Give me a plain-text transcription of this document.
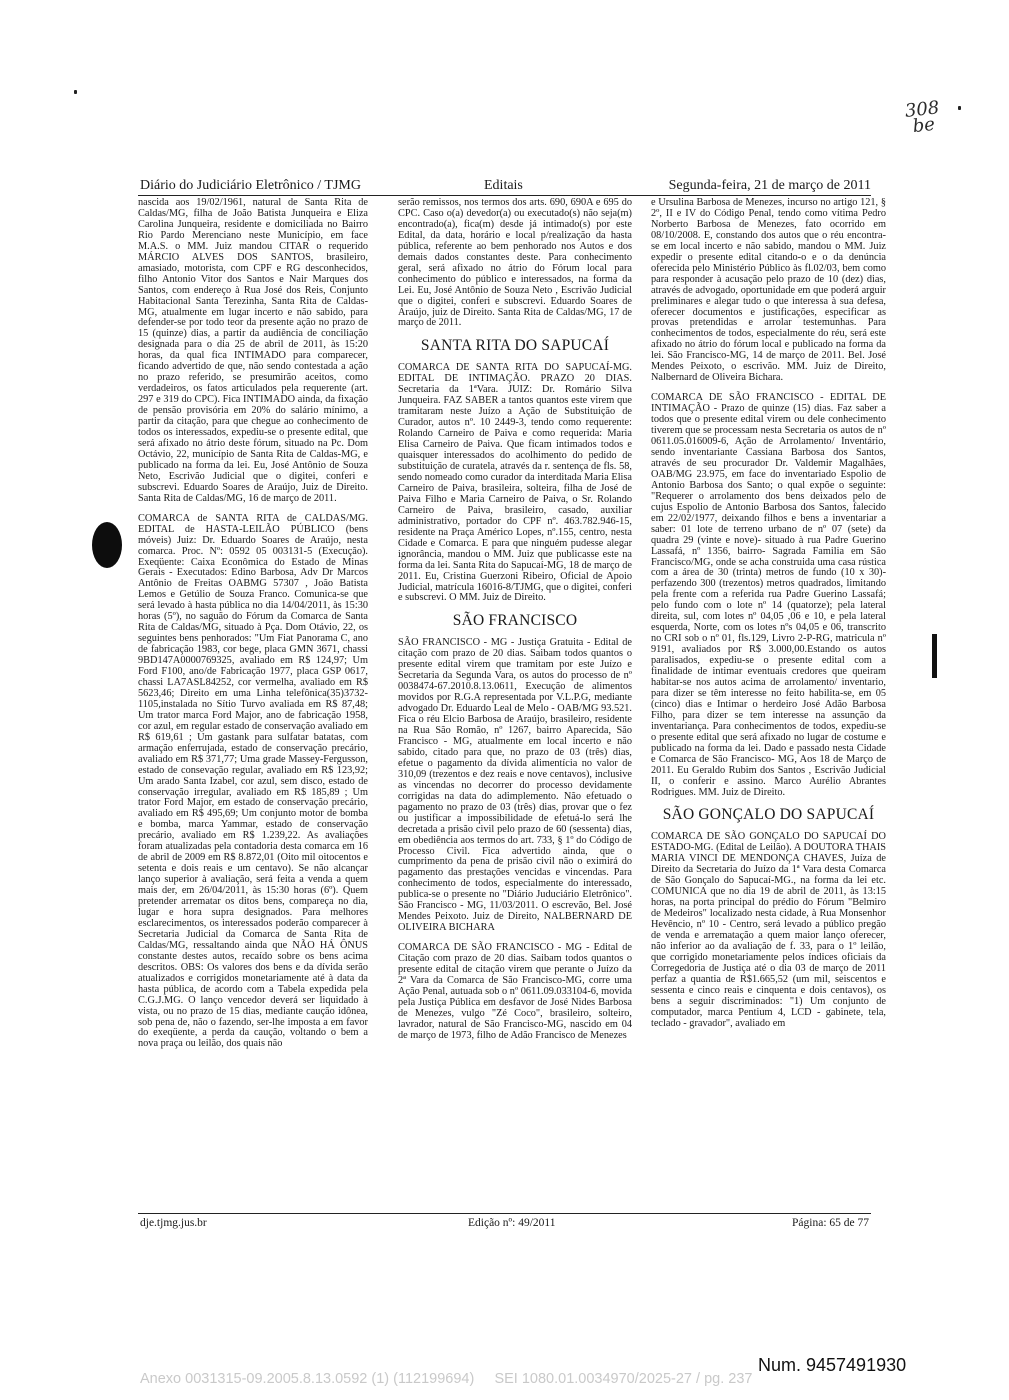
308
be
Diário do Judiciário Eletrônico / TJMG	Editais	Segunda-feira, 21 de março de 2011

nascida aos 19/02/1961, natural de Santa Rita de Caldas/MG, filha de João Batista Junqueira e Eliza Carolina Junqueira, residente e domiciliada no Bairro Rio Pardo Merenciano neste Município, em face M.A.S. o MM. Juiz mandou CITAR o requerido MÁRCIO ALVES DOS SANTOS, brasileiro, amasiado, motorista, com CPF e RG desconhecidos, filho Antonio Vitor dos Santos e Nair Marques dos Santos, com endereço à Rua José dos Reis, Conjunto Habitacional Santa Terezinha, Santa Rita de Caldas-MG, atualmente em lugar incerto e não sabido, para defender-se por todo teor da presente ação no prazo de 15 (quinze) dias, a partir da audiência de conciliação designada para o dia 25 de abril de 2011, às 15:20 horas, da qual fica INTIMADO para comparecer, ficando advertido de que, não sendo contestada a ação no prazo referido, se presumirão aceitos, como verdadeiros, os fatos articulados pela requerente (art. 297 e 319 do CPC). Fica INTIMADO ainda, da fixação de pensão provisória em 20% do salário mínimo, a partir da citação, para que chegue ao conhecimento de todos os interessados, expediu-se o presente edital, que será afixado no átrio deste fórum, situado na Pc. Dom Octávio, 22, município de Santa Rita de Caldas-MG, e publicado na forma da lei. Eu, José Antônio de Souza Neto, Escrivão Judicial que o digitei, conferi e subscrevi. Eduardo Soares de Araújo, Juiz de Direito. Santa Rita de Caldas/MG, 16 de março de 2011.

COMARCA de SANTA RITA de CALDAS/MG. EDITAL de HASTA-LEILÃO PÚBLICO (bens móveis) Juiz: Dr. Eduardo Soares de Araújo, nesta comarca. Proc. Nº: 0592 05 003131-5 (Execução). Exeqüente: Caixa Econômica do Estado de Minas Gerais - Executados: Edino Barbosa, Adv Dr Marcos Antônio de Freitas OABMG 57307 , João Batista Lemos e Getúlio de Souza Franco. Comunica-se que será levado à hasta pública no dia 14/04/2011, às 15:30 horas (5º), no saguão do Fórum da Comarca de Santa Rita de Caldas/MG, situado à Pça. Dom Otávio, 22, os seguintes bens penhorados: "Um Fiat Panorama C, ano de fabricação 1983, cor bege, placa GMN 3671, chassi 9BD147A0000769325, avaliado em R$ 124,97; Um Ford F100, ano/de Fabricação 1977, placa GSP 0617, chassi LA7ASL84252, cor vermelha, avaliado em R$ 5623,46; Direito em uma Linha telefônica(35)3732-1105,instalada no Sítio Turvo avaliada em R$ 87,48; Um trator marca Ford Major, ano de fabricação 1958, cor azul, em regular estado de conservação avaliado em R$ 619,61 ; Um gastank para sulfatar batatas, com armação enferrujada, estado de conservação precário, avaliado em R$ 371,77; Uma grade Massey-Fergusson, estado de consevação regular, avaliado em R$ 123,92; Um arado Santa Izabel, cor azul, sem disco, estado de conservação irregular, avaliado em R$ 185,89 ; Um trator Ford Major, em estado de conservação precário, avaliado em R$ 495,69; Um conjunto motor de bomba e bomba, marca Yammar, estado de conservação precário, avaliado em R$ 1.239,22. As avaliações foram atualizadas pela contadoria desta comarca em 16 de abril de 2009 em R$ 8.872,01 (Oito mil oitocentos e setenta e dois reais e um centavo). Se não alcançar lanço superior à avaliação, será feita a venda a quem mais der, em 26/04/2011, às 15:30 horas (6º). Quem pretender arrematar os ditos bens, compareça no dia, lugar e hora supra designados. Para melhores esclarecimentos, os interessados poderão comparecer à Secretaria Judicial da Comarca de Santa Rita de Caldas/MG, ressaltando ainda que NÃO HÁ ÔNUS constante destes autos, recaído sobre os bens acima descritos. OBS: Os valores dos bens e da dívida serão atualizados e corrigidos monetariamente até à data da hasta pública, de acordo com a Tabela expedida pela C.G.J.MG. O lanço vencedor deverá ser liquidado à vista, ou no prazo de 15 dias, mediante caução idônea, sob pena de, não o fazendo, ser-lhe imposta a em favor do exeqüente, a perda da caução, voltando o bem a nova praça ou leilão, dos quais não

serão remissos, nos termos dos arts. 690, 690A e 695 do CPC. Caso o(a) devedor(a) ou executado(s) não seja(m) encontrado(a), fica(m) desde já intimado(s) por este Edital, da data, horário e local p/realização da hasta pública, referente ao bem penhorado nos Autos e dos demais dados constantes deste. Para conhecimento geral, será afixado no átrio do Fórum local para conhecimento do público e interessados, na forma da Lei. Eu, José Antônio de Souza Neto , Escrivão Judicial que o digitei, conferi e subscrevi. Eduardo Soares de Araújo, juiz de Direito. Santa Rita de Caldas/MG, 17 de março de 2011.

SANTA RITA DO SAPUCAÍ

COMARCA DE SANTA RITA DO SAPUCAÍ-MG. EDITAL DE INTIMAÇÃO. PRAZO 20 DIAS. Secretaria da 1ªVara. JUIZ: Dr. Romário Silva Junqueira. FAZ SABER a tantos quantos este virem que tramitaram neste Juízo a Ação de Substituição de Curador, autos nº. 10 2449-3, tendo como requerente: Rolando Carneiro de Paiva e como requerida: Maria Elisa Carneiro de Paiva. Que ficam intimados todos e quaisquer interessados do acolhimento do pedido de substituição de curatela, através da r. sentença de fls. 58, sendo nomeado como curador da interditada Maria Elisa Carneiro de Paiva, brasileira, solteira, filha de José de Paiva Filho e Maria Carneiro de Paiva, o Sr. Rolando Carneiro de Paiva, brasileiro, casado, auxiliar administrativo, portador do CPF nº. 463.782.946-15, residente na Praça Américo Lopes, nº.155, centro, nesta Cidade e Comarca. E para que ninguém pudesse alegar ignorância, mandou o MM. Juiz que publicasse este na forma da lei. Santa Rita do Sapucaí-MG, 18 de março de 2011. Eu, Cristina Guerzoni Ribeiro, Oficial de Apoio Judicial, matrícula 16016-8/TJMG, que o digitei, conferi e subscrevi. O MM. Juiz de Direito.

SÃO FRANCISCO

SÃO FRANCISCO - MG - Justiça Gratuita - Edital de citação com prazo de 20 dias. Saibam todos quantos o presente edital virem que tramitam por este Juízo e Secretaria da Segunda Vara, os autos do processo de nº 0038474-67.2010.8.13.0611, Execução de alimentos movidos por R.G.A representada por V.L.P.G, mediante advogado Dr. Eduardo Leal de Melo - OAB/MG 93.521. Fica o réu Elcio Barbosa de Araújo, brasileiro, residente na Rua São Romão, nº 1267, bairro Aparecida, São Francisco - MG, atualmente em local incerto e não sabido, citado para que, no prazo de 03 (três) dias, efetue o pagamento da dívida alimentícia no valor de 310,09 (trezentos e dez reais e nove centavos), inclusive as vincendas no decorrer do processo devidamente corrigidas na data do adimplemento. Não efetuado o pagamento no prazo de 03 (três) dias, provar que o fez ou justificar a impossibilidade de efetuá-lo será lhe decretada a prisão civil pelo prazo de 60 (sessenta) dias, em obediência aos termos do art. 733, § 1º do Código de Processo Civil. Fica advertido ainda, que o cumprimento da pena de prisão civil não o eximirá do pagamento das prestações vencidas e vincendas. Para conhecimento de todos, especialmente do interessado, publica-se o presente no "Diário Juduciário Eletrônico". São Francisco - MG, 11/03/2011. O escrevão, Bel. José Mendes Peixoto. Juiz de Direito, NALBERNARD DE OLIVEIRA BICHARA

COMARCA DE SÃO FRANCISCO - MG - Edital de Citação com prazo de 20 dias. Saibam todos quantos o presente edital de citação virem que perante o Juízo da 2ª Vara da Comarca de São Francisco-MG, corre uma Ação Penal, autuada sob o nº 0611.09.033104-6, movida pela Justiça Pública em desfavor de José Nides Barbosa de Menezes, vulgo "Zé Coco", brasileiro, solteiro, lavrador, natural de São Francisco-MG, nascido em 04 de março de 1973, filho de Adão Francisco de Menezes

e Ursulina Barbosa de Menezes, incurso no artigo 121, § 2º, II e IV do Código Penal, tendo como vítima Pedro Norberto Barbosa de Menezes, fato ocorrido em 08/10/2008. E, constando dos autos que o réu encontra-se em local incerto e não sabido, mandou o MM. Juiz expedir o presente edital citando-o e o da denúncia oferecida pelo Ministério Público às fl.02/03, bem como para responder à acusação pelo prazo de 10 (dez) dias, através de advogado, oportunidade em que poderá arguir preliminares e alegar tudo o que interessa à sua defesa, oferecer documentos e justificações, especificar as provas pretendidas e arrolar testemunhas. Para conhecimentos de todos, especialmente do réu, será este afixado no átrio do fórum local e publicado na forma da lei. São Francisco-MG, 14 de março de 2011. Bel. José Mendes Peixoto, o escrivão. MM. Juiz de Direito, Nalbernard de Oliveira Bichara.

COMARCA DE SÃO FRANCISCO - EDITAL DE INTIMAÇÃO - Prazo de quinze (15) dias. Faz saber a todos que o presente edital virem ou dele conhecimento tiverem que se processam nesta Secretaria os autos de nº 0611.05.016009-6, Ação de Arrolamento/ Inventário, sendo inventariante Cassiana Barbosa dos Santos, através de seu procurador Dr. Valdemir Magalhães, OAB/MG 23.975, em face do inventariado Espolio de Antonio Barbosa dos Santo; o qual expõe o seguinte: "Requerer o arrolamento dos bens deixados pelo de cujus Espolio de Antonio Barbosa dos Santos, falecido em 22/02/1977, deixando filhos e bens a inventariar a saber: 01 lote de terreno urbano de nº 07 (sete) da quadra 29 (vinte e nove)- situado à rua Padre Guerino Lassafá, nº 1356, bairro- Sagrada Familia em São Francisco/MG, onde se acha construida uma casa rústica com a área de 30 (trinta) metros de fundo (10 x 30)- perfazendo 300 (trezentos) metros quadrados, limitando pela frente com a referida rua Padre Guerino Lassafá; pelo fundo com o lote nº 14 (quatorze); pela lateral direita, sul, com lotes nº 04,05 ,06 e 10, e pela lateral esquerda, Norte, com os lotes nºs 04,05 e 06, transcrito no CRI sob o nº 01, fls.129, Livro 2-P-RG, matricula nº 9191, avaliados por R$ 3.000,00.Estando os autos paralisados, expediu-se o presente edital com a finalidade de intimar eventuais credores que queiram habitar-se nos autos acima de arrolamento/ inventario, para dizer se têm interesse no feito habilita-se, em 05 (cinco) dias e Intimar o herdeiro José Adão Barbosa Filho, para dizer se tem interesse na assunção da inventariança. Para conhecimentos de todos, expediu-se o presente edital que será afixado no lugar de costume e publicado na forma da lei. Dado e passado nesta Cidade e Comarca de São Francisco- MG, Aos 18 de Março de 2011. Eu Geraldo Rubim dos Santos , Escrivão Judicial II, o conferir e assino. Marco Aurélio Abrantes Rodrigues. MM. Juiz de Direito.

SÃO GONÇALO DO SAPUCAÍ

COMARCA DE SÃO GONÇALO DO SAPUCAÍ DO ESTADO-MG. (Edital de Leilão). A DOUTORA THAIS MARIA VINCI DE MENDONÇA CHAVES, Juíza de Direito da Secretaria do Juízo da 1ª Vara desta Comarca de São Gonçalo do Sapucaí-MG., na forma da lei etc. COMUNICA que no dia 19 de abril de 2011, às 13:15 horas, na porta principal do prédio do Fórum "Belmiro de Medeiros" localizado nesta cidade, à Rua Monsenhor Hevêncio, nº 10 - Centro, será levado a público pregão de venda e arrematação a quem maior lanço oferecer, não inferior ao da avaliação de f. 33, para o 1º leilão, que corrigido monetariamente pelos índices oficiais da Corregedoria de Justiça até o dia 03 de março de 2011 perfaz a quantia de R$1.665,52 (um mil, seiscentos e sessenta e cinco reais e cinquenta e dois centavos), os bens a seguir discriminados: "1) Um conjunto de computador, marca Pentium 4, LCD - gabinete, tela, teclado - gravador", avaliado em

dje.tjmg.jus.br	Edição nº: 49/2011	Página: 65 de 77
Num. 9457491930
Anexo 0031315-09.2005.8.13.0592 (1) (112199694)     SEI 1080.01.0034970/2025-27 / pg. 237
